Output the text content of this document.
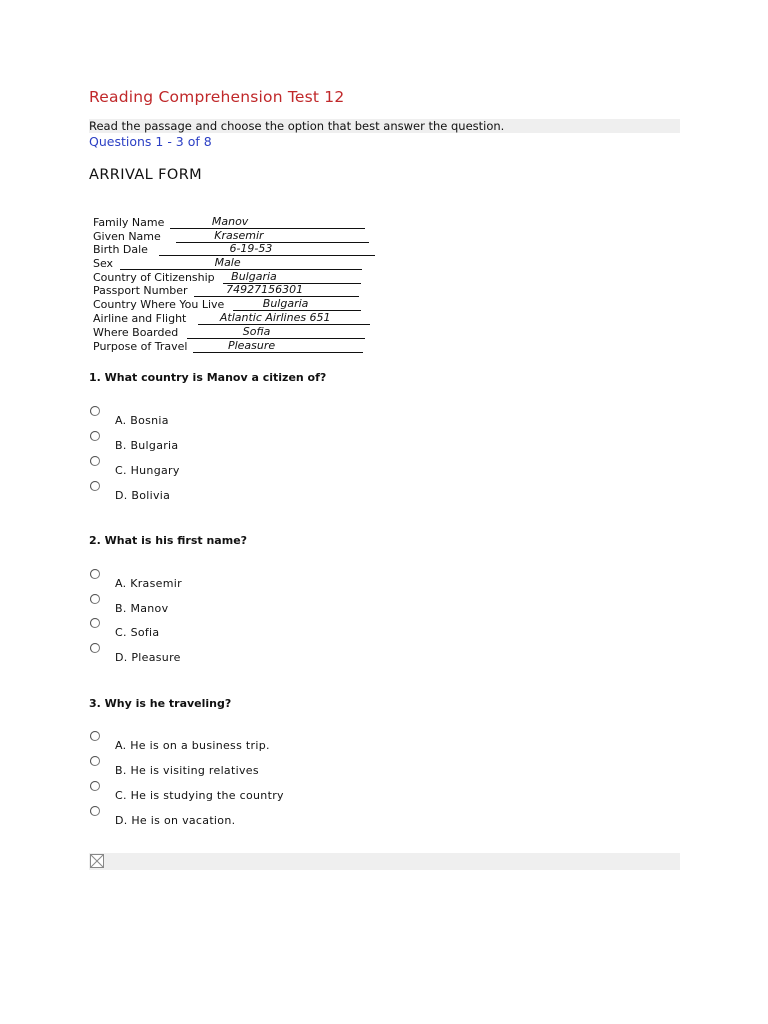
Reading Comprehension Test 12
Read the passage and choose the option that best answer the question.
Questions 1 - 3 of 8
ARRIVAL FORM
Family Name	Manov
Given Name	Krasemir
Birth Dale	6-19-53
Sex	Male
Country of Citizenship Bulgaria
Passport Number	74927156301
Country Where You Live	Bulgaria
Airline and Flight	Atlantic Airlines 651
Where Boarded	Sofia
Purpose of Travel	Pleasure
1. What country is Manov a citizen of?
A. Bosnia
B. Bulgaria
C. Hungary
D. Bolivia
2. What is his first name?
A. Krasemir
B. Manov
C. Sofia
D. Pleasure
3. Why is he traveling?
A. He is on a business trip.
B. He is visiting relatives
C. He is studying the country
D. He is on vacation.
